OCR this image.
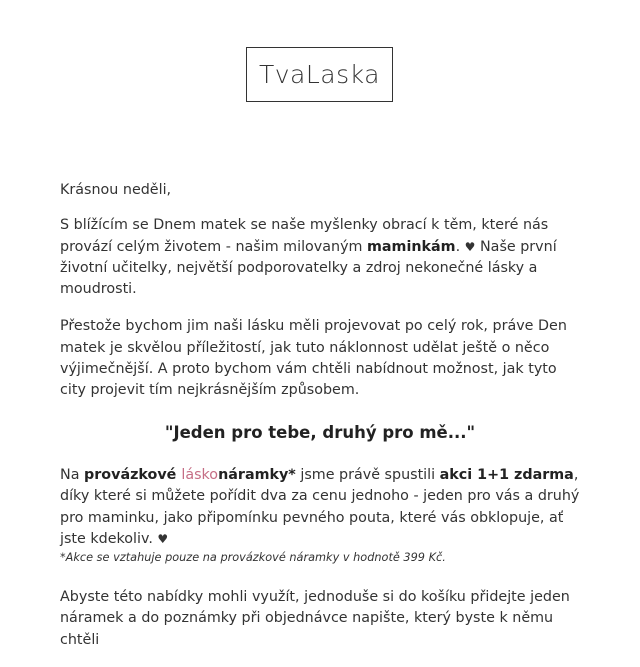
TvaLaska

Krásnou neděli,

S blížícím se Dnem matek se naše myšlenky obrací k těm, které nás provází celým životem - našim milovaným maminkám. ♥ Naše první životní učitelky, největší podporovatelky a zdroj nekonečné lásky a moudrosti.

Přestože bychom jim naši lásku měli projevovat po celý rok, práve Den matek je skvělou příležitostí, jak tuto náklonnost udělat ještě o něco výjimečnější. A proto bychom vám chtěli nabídnout možnost, jak tyto city projevit tím nejkrásnějším způsobem.

"Jeden pro tebe, druhý pro mě..."

Na provázkové láskonáramky* jsme právě spustili akci 1+1 zdarma, díky které si můžete pořídit dva za cenu jednoho - jeden pro vás a druhý pro maminku, jako připomínku pevného pouta, které vás obklopuje, ať jste kdekoliv. ♥

*Akce se vztahuje pouze na provázkové náramky v hodnotě 399 Kč.

Abyste této nabídky mohli využít, jednoduše si do košíku přidejte jeden náramek a do poznámky při objednávce napište, který byste k němu chtěli
